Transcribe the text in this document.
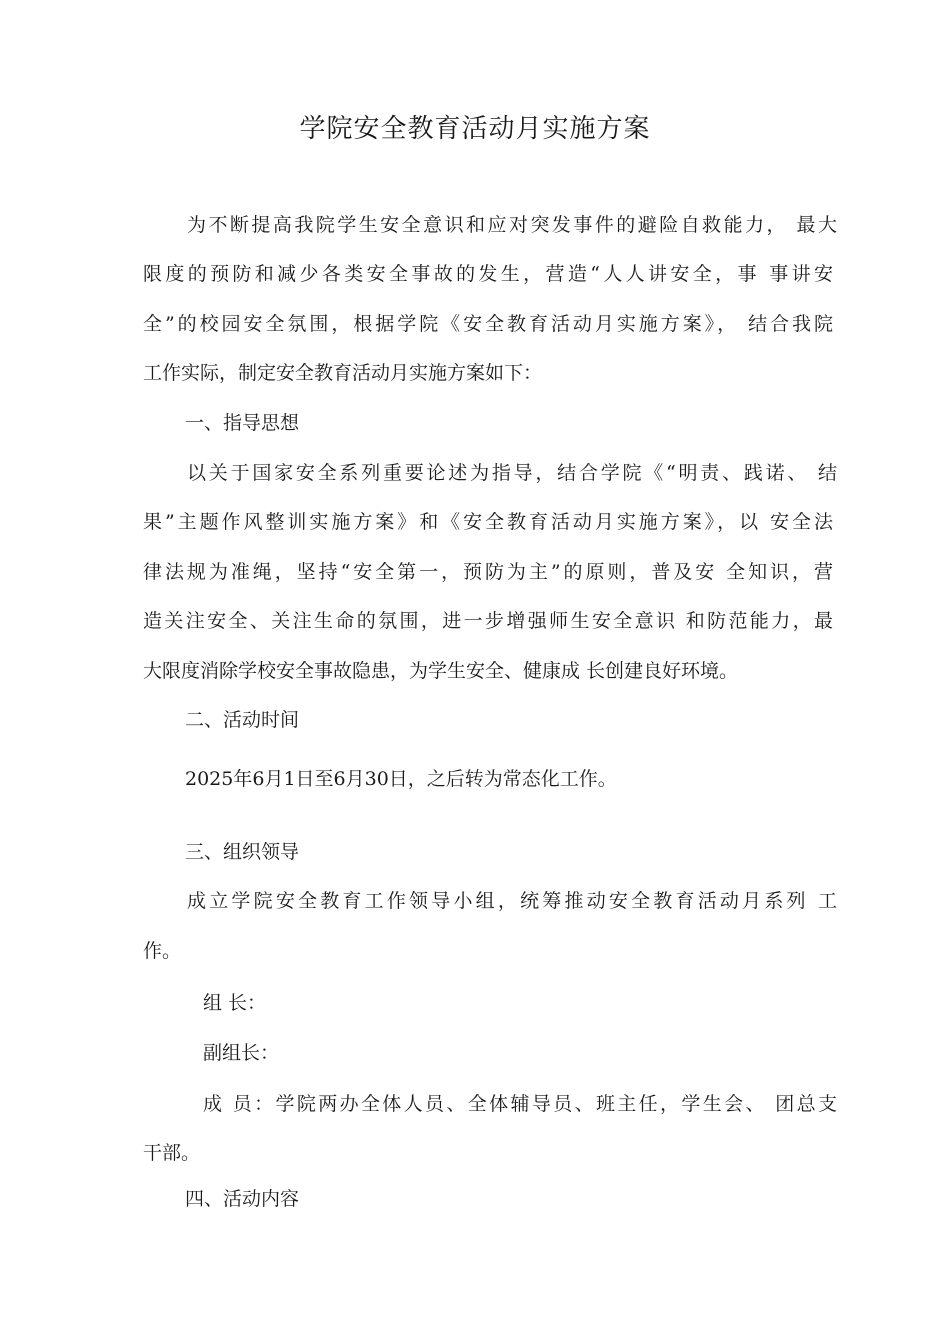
学院安全教育活动月实施方案
为不断提高我院学生安全意识和应对突发事件的避险自救能力， 最大
限度的预防和减少各类安全事故的发生，营造“人人讲安全，事 事讲安
全”的校园安全氛围，根据学院《安全教育活动月实施方案》， 结合我院
工作实际，制定安全教育活动月实施方案如下：
一、指导思想
以关于国家安全系列重要论述为指导，结合学院《“明责、践诺、 结
果”主题作风整训实施方案》和《安全教育活动月实施方案》，以 安全法
律法规为准绳，坚持“安全第一，预防为主”的原则，普及安 全知识，营
造关注安全、关注生命的氛围，进一步增强师生安全意识 和防范能力，最
大限度消除学校安全事故隐患，为学生安全、健康成 长创建良好环境。
二、活动时间
2025年6月1日至6月30日，之后转为常态化工作。
三、组织领导
成立学院安全教育工作领导小组，统筹推动安全教育活动月系列 工
作。
组 长：
副组长：
成 员：学院两办全体人员、全体辅导员、班主任，学生会、 团总支
干部。
四、活动内容
